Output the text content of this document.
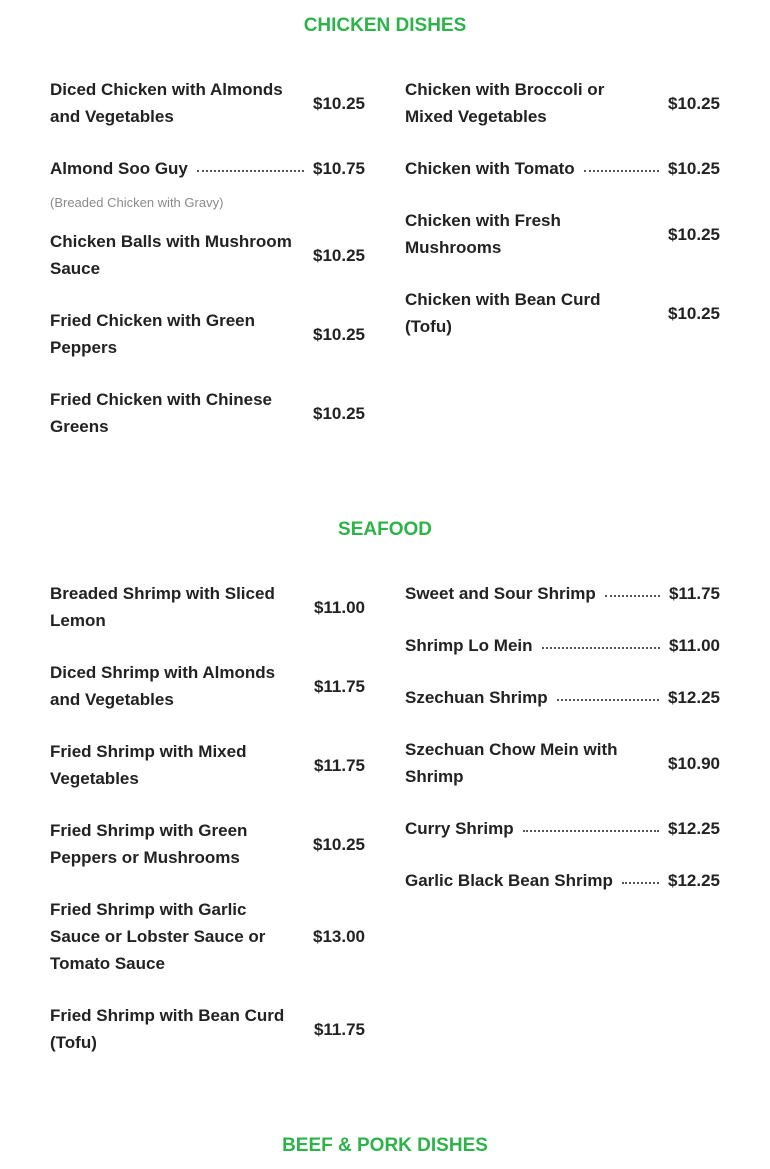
CHICKEN DISHES
Diced Chicken with Almonds and Vegetables
$10.25
Almond Soo Guy	$10.75
(Breaded Chicken with Gravy)
Chicken Balls with Mushroom Sauce
$10.25
Fried Chicken with Green Peppers
$10.25
Fried Chicken with Chinese Greens
$10.25
Chicken with Broccoli or Mixed Vegetables
$10.25
Chicken with Tomato	$10.25
Chicken with Fresh Mushrooms
$10.25
Chicken with Bean Curd (Tofu)
$10.25
SEAFOOD
Breaded Shrimp with Sliced Lemon
$11.00
Diced Shrimp with Almonds and Vegetables
$11.75
Fried Shrimp with Mixed Vegetables
$11.75
Fried Shrimp with Green Peppers or Mushrooms
$10.25
Fried Shrimp with Garlic Sauce or Lobster Sauce or Tomato Sauce
$13.00
Fried Shrimp with Bean Curd (Tofu)
$11.75
Sweet and Sour Shrimp	$11.75
Shrimp Lo Mein	$11.00
Szechuan Shrimp	$12.25
Szechuan Chow Mein with Shrimp
$10.90
Curry Shrimp	$12.25
Garlic Black Bean Shrimp	$12.25
BEEF & PORK DISHES
